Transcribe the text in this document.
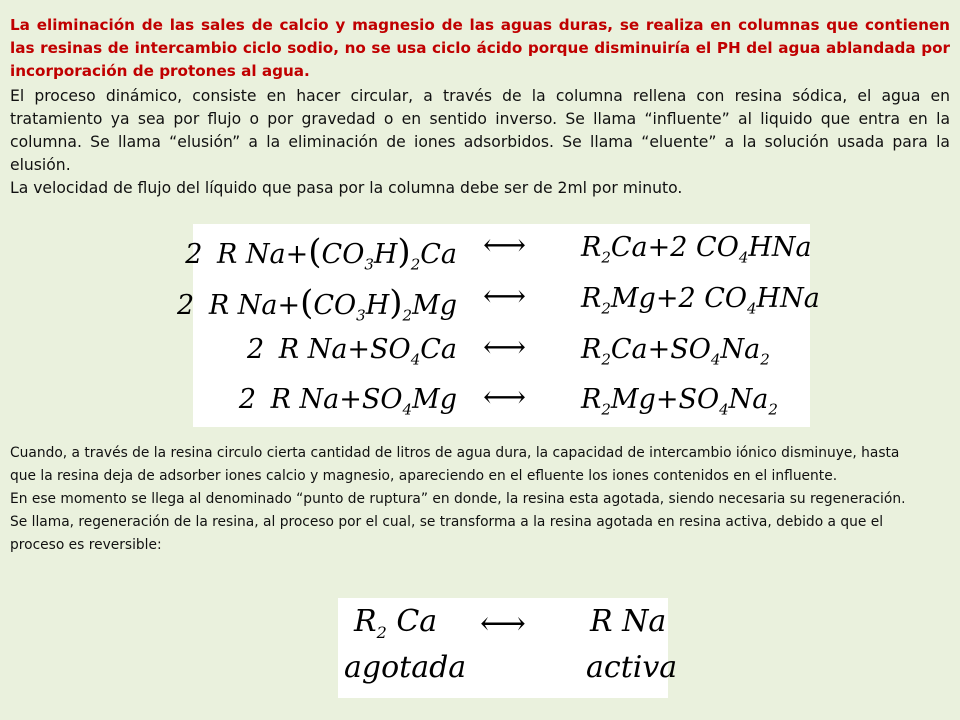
La eliminación de las sales de calcio y magnesio de las aguas duras, se realiza en columnas que contienen las resinas de intercambio ciclo sodio, no se usa ciclo ácido porque disminuiría el PH del agua ablandada por incorporación de protones al agua.
El proceso dinámico, consiste en hacer circular, a través de la columna rellena con resina sódica, el agua en tratamiento ya sea por flujo o por gravedad o en sentido inverso. Se llama “influente” al liquido que entra en la columna. Se llama “elusión” a la eliminación de iones adsorbidos. Se llama “eluente” a la solución usada para la elusión.
La velocidad de flujo del líquido que pasa por la columna debe ser de 2ml por minuto.
2 R $Na+(CO_3H)_2Ca$ ⟷ $R_2Ca+2$ $CO_4HNa$
2 R $Na+(CO_3H)_2Mg$ ⟷ $R_2Mg+2$ $CO_4HNa$
2 R $Na+SO_4Ca$ ⟷ $R_2Ca+SO_4Na_2$
2 R $Na+SO_4Mg$ ⟷ $R_2Mg+SO_4Na_2$
Cuando, a través de la resina circulo cierta cantidad de litros de agua dura, la capacidad de intercambio iónico disminuye, hasta que la resina deja de adsorber iones calcio y magnesio, apareciendo en el efluente los iones contenidos en el influente.
En ese momento se llega al denominado “punto de ruptura” en donde, la resina esta agotada, siendo necesaria su regeneración.
Se llama, regeneración de la resina, al proceso por el cual, se transforma a la resina agotada en resina activa, debido a que el proceso es reversible:
$R_2$ Ca ⟷ R Na
agotada	activa
